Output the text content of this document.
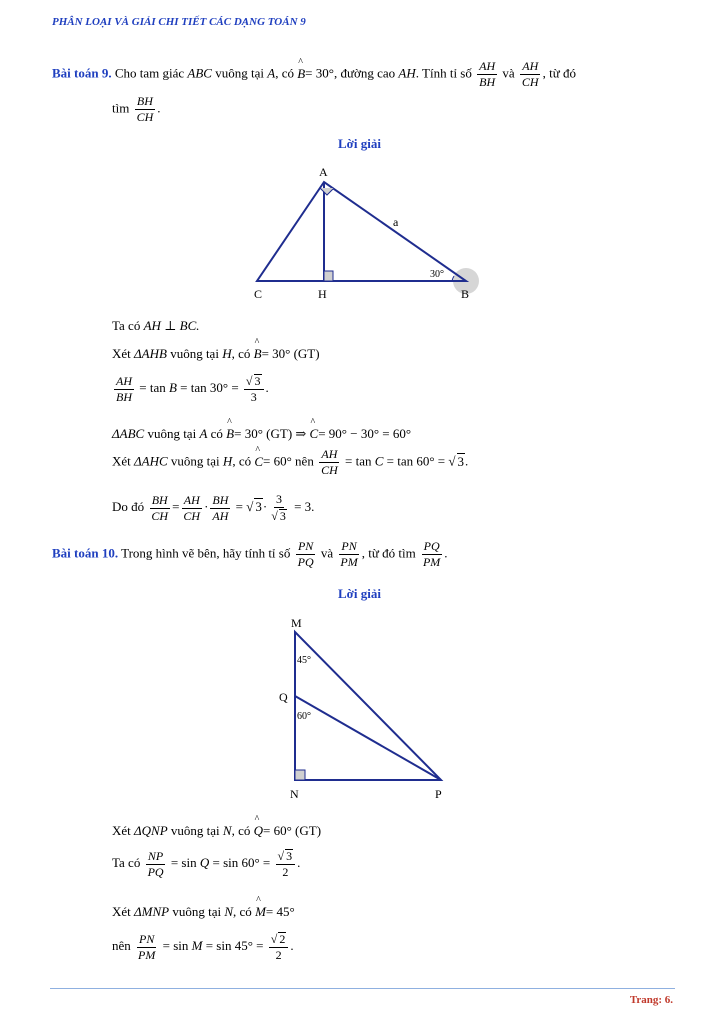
PHÂN LOẠI VÀ GIẢI CHI TIẾT CÁC DẠNG TOÁN 9
Bài toán 9. Cho tam giác ABC vuông tại A, có ^ B= 30°, đường cao AH. Tính tỉ số $\frac{AH}{BH}$ và $\frac{AH}{CH}$ , từ đó
tìm $\frac{BH}{CH}$ .
Lời giải
A
C	H	B
a
30°
Ta có AH ⊥ BC.
Xét ΔAHB vuông tại H, có ^ B= 30° (GT)
$\frac{AH}{BH} = \tan B = \tan 30^\circ = \frac{√ 3}{3}$ .
ΔABC vuông tại A có ^ B= 30° (GT) ⇒ ^ C= 90° − 30° = 60°
Xét ΔAHC vuông tại H, có ^ C= 60° nên $\frac{AH}{CH} = \tan C = \tan 60^\circ$ = √ 3.
Do đó $\frac{BH}{CH} = \frac{AH}{CH} \cdot \frac{BH}{AH}$ = √ $3\cdot \frac{3}{√ 3} = 3$.
Bài toán 10. Trong hình vẽ bên, hãy tính tỉ số $\frac{PN}{PQ}$ và $\frac{PN}{PM}$ , từ đó tìm $\frac{PQ}{PM}$ .
Lời giải
M
Q
N	P
45°
60°
Xét ΔQNP vuông tại N, có ^ Q= 60° (GT)
Ta có $\frac{NP}{PQ} = \sin Q = \sin 60^\circ = \frac{√ 3}{2}$ .
Xét ΔMNP vuông tại N, có ^ M= 45°
nên $\frac{PN}{PM} = \sin M = \sin 45^\circ = \frac{√ 2}{2}$ .
Trang: 6.
